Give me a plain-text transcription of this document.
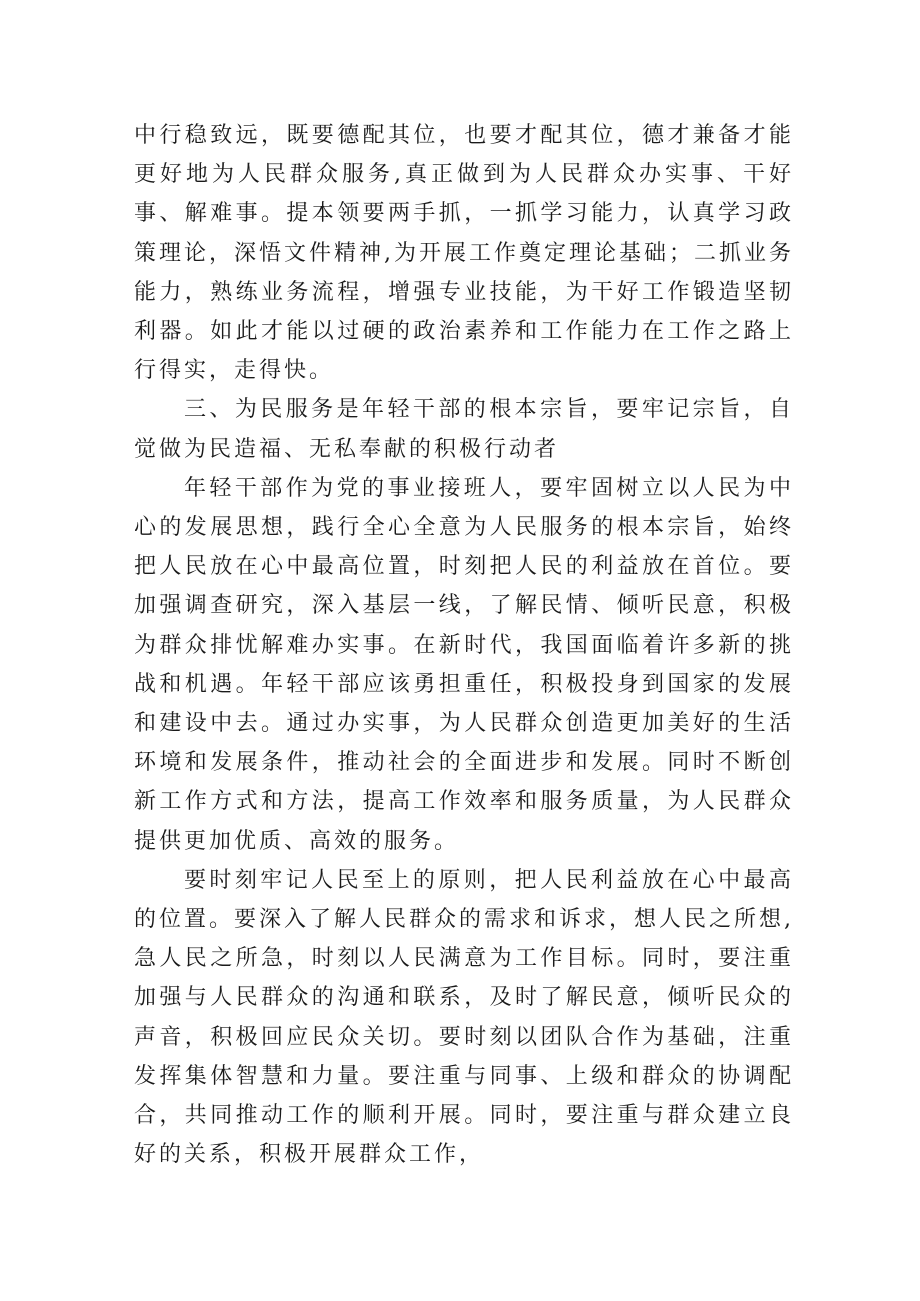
中行稳致远，既要德配其位，也要才配其位，德才兼备才能更好地为人民群众服务,真正做到为人民群众办实事、干好事、解难事。提本领要两手抓，一抓学习能力，认真学习政策理论，深悟文件精神,为开展工作奠定理论基础；二抓业务能力，熟练业务流程，增强专业技能，为干好工作锻造坚韧利器。如此才能以过硬的政治素养和工作能力在工作之路上行得实，走得快。

三、为民服务是年轻干部的根本宗旨，要牢记宗旨，自觉做为民造福、无私奉献的积极行动者

年轻干部作为党的事业接班人，要牢固树立以人民为中心的发展思想，践行全心全意为人民服务的根本宗旨，始终把人民放在心中最高位置，时刻把人民的利益放在首位。要加强调查研究，深入基层一线，了解民情、倾听民意，积极为群众排忧解难办实事。在新时代，我国面临着许多新的挑战和机遇。年轻干部应该勇担重任，积极投身到国家的发展和建设中去。通过办实事，为人民群众创造更加美好的生活环境和发展条件，推动社会的全面进步和发展。同时不断创新工作方式和方法，提高工作效率和服务质量，为人民群众提供更加优质、高效的服务。

要时刻牢记人民至上的原则，把人民利益放在心中最高的位置。要深入了解人民群众的需求和诉求，想人民之所想,急人民之所急，时刻以人民满意为工作目标。同时，要注重加强与人民群众的沟通和联系，及时了解民意，倾听民众的声音，积极回应民众关切。要时刻以团队合作为基础，注重发挥集体智慧和力量。要注重与同事、上级和群众的协调配合，共同推动工作的顺利开展。同时，要注重与群众建立良好的关系，积极开展群众工作，
